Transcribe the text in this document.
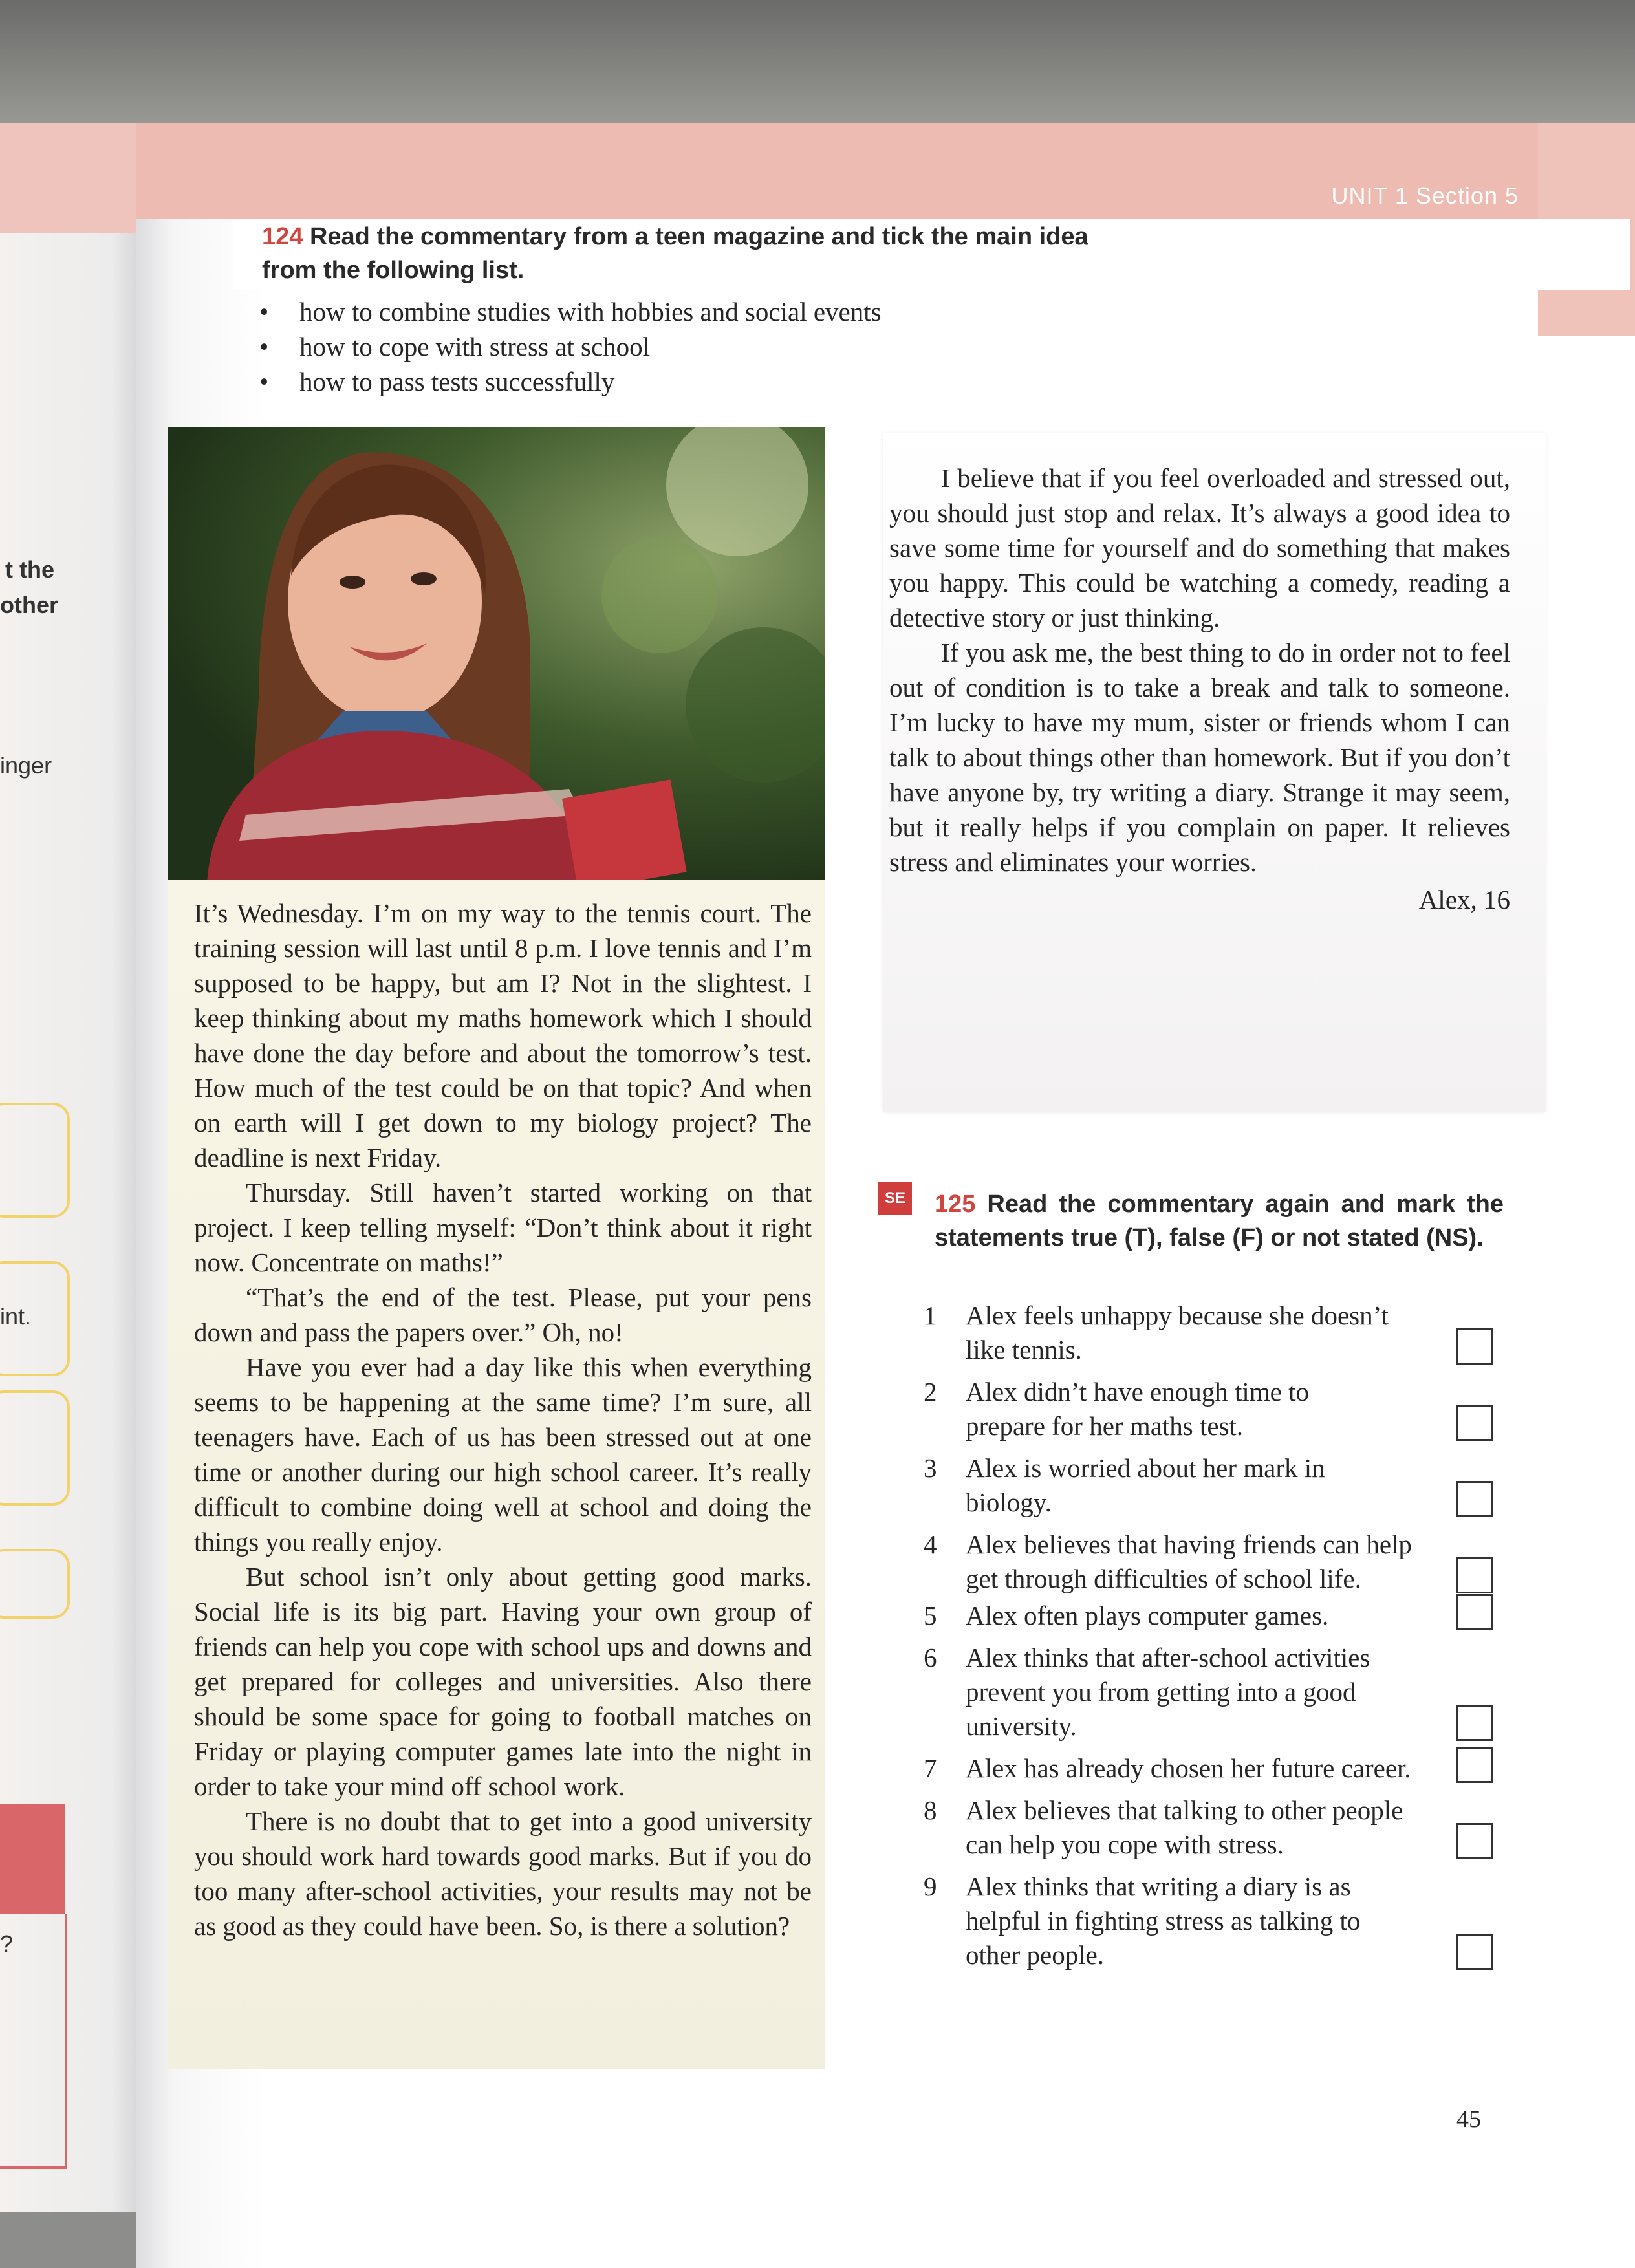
t the
other
inger
int.
?
UNIT 1 Section 5
124 Read the commentary from a teen magazine and tick the main idea
from the following list.
• how to combine studies with hobbies and social events
• how to cope with stress at school
• how to pass tests successfully

It’s Wednesday. I’m on my way to the tennis court. The training session will last until 8 p.m. I love tennis and I’m supposed to be happy, but am I? Not in the slightest. I keep thinking about my maths homework which I should have done the day before and about the tomorrow’s test. How much of the test could be on that topic? And when on earth will I get down to my biology project? The deadline is next Friday.

Thursday. Still haven’t started working on that project. I keep telling myself: “Don’t think about it right now. Concentrate on maths!”

“That’s the end of the test. Please, put your pens down and pass the papers over.” Oh, no!

Have you ever had a day like this when everything seems to be happening at the same time? I’m sure, all teenagers have. Each of us has been stressed out at one time or another during our high school career. It’s really difficult to combine doing well at school and doing the things you really enjoy.

But school isn’t only about getting good marks. Social life is its big part. Having your own group of friends can help you cope with school ups and downs and get prepared for colleges and universities. Also there should be some space for going to football matches on Friday or playing computer games late into the night in order to take your mind off school work.

There is no doubt that to get into a good university you should work hard towards good marks. But if you do too many after-school activities, your results may not be as good as they could have been. So, is there a solution?

I believe that if you feel overloaded and stressed out, you should just stop and relax. It’s always a good idea to save some time for yourself and do something that makes you happy. This could be watching a comedy, reading a detective story or just thinking.

If you ask me, the best thing to do in order not to feel out of condition is to take a break and talk to someone. I’m lucky to have my mum, sister or friends whom I can talk to about things other than homework. But if you don’t have anyone by, try writing a diary. Strange it may seem, but it really helps if you complain on paper. It relieves stress and eliminates your worries.

Alex, 16

SE 125 Read the commentary again and mark the statements true (T), false (F) or not stated (NS).
1 Alex feels unhappy because she doesn’t like tennis.
2 Alex didn’t have enough time to prepare for her maths test.
3 Alex is worried about her mark in biology.
4 Alex believes that having friends can help get through difficulties of school life.
5 Alex often plays computer games.
6 Alex thinks that after-school activities prevent you from getting into a good university.
7 Alex has already chosen her future career.
8 Alex believes that talking to other people can help you cope with stress.
9 Alex thinks that writing a diary is as helpful in fighting stress as talking to other people.
45
